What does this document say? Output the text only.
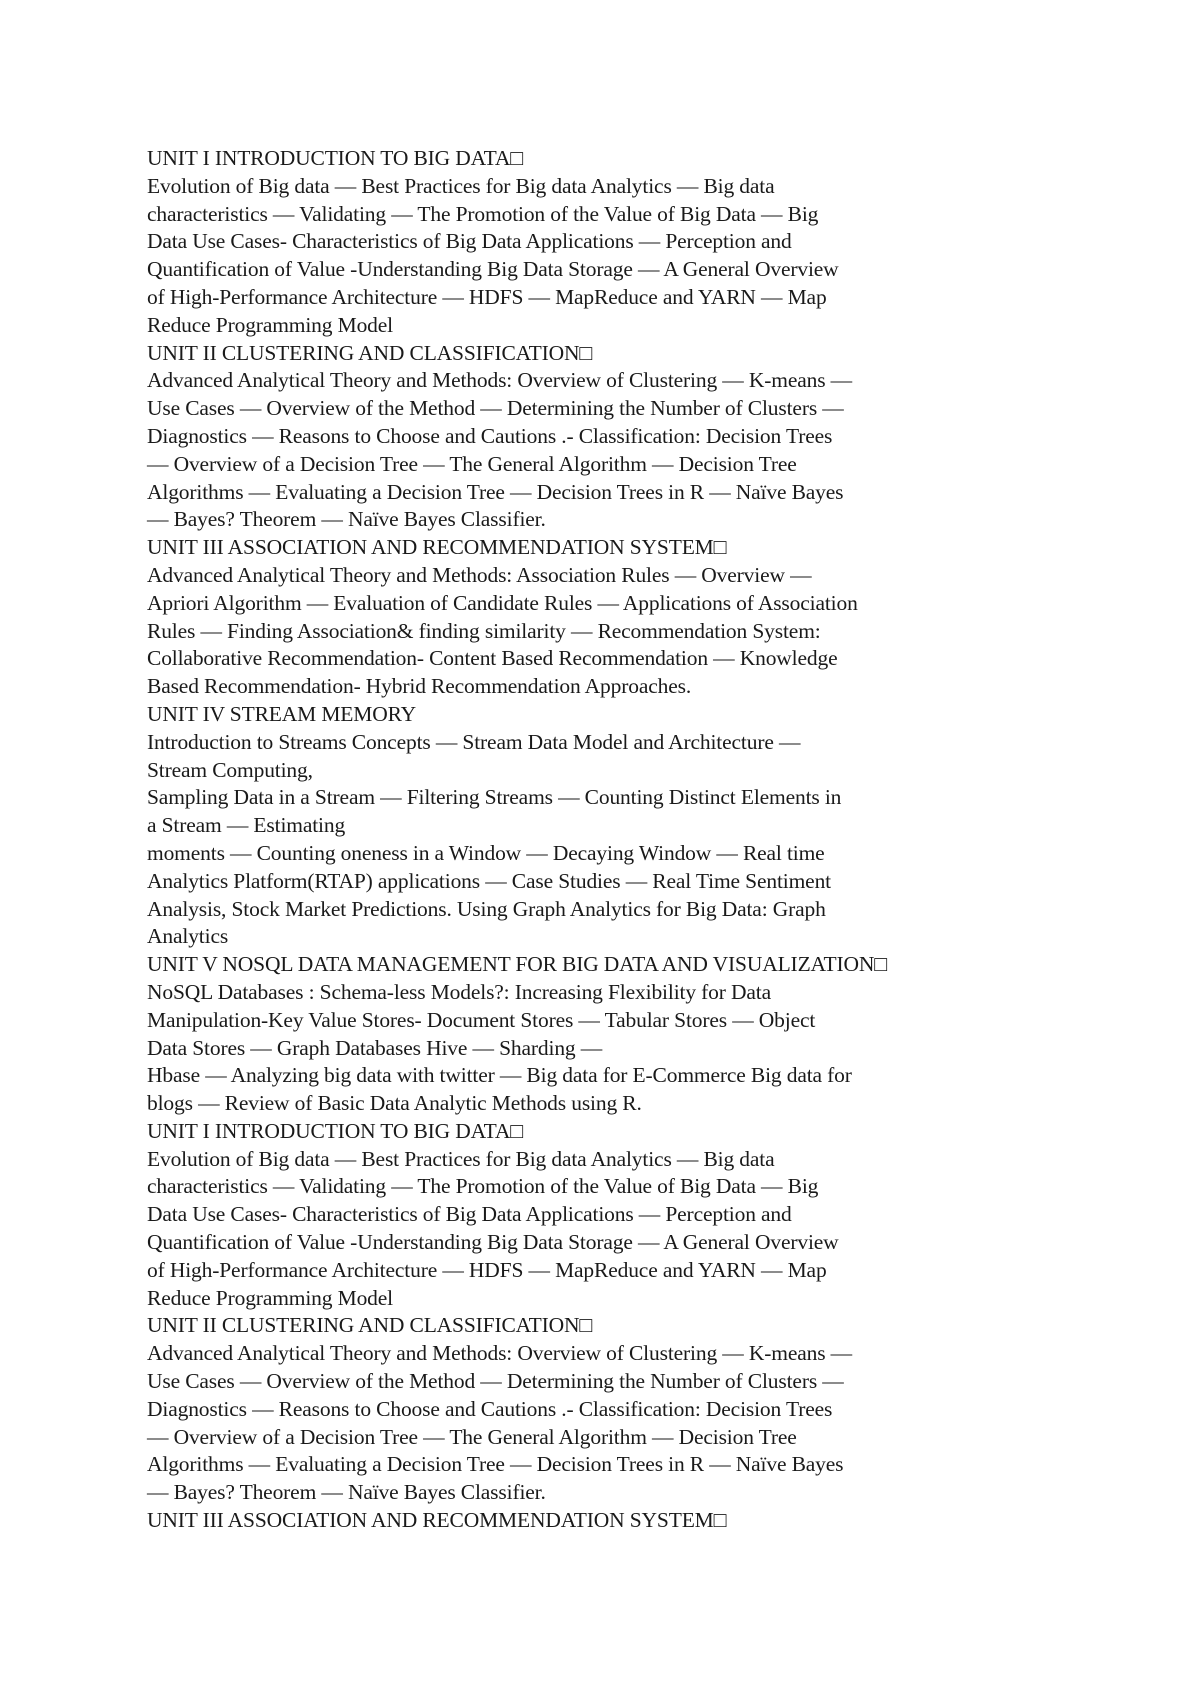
UNIT I INTRODUCTION TO BIG DATA□
Evolution of Big data — Best Practices for Big data Analytics — Big data
characteristics — Validating — The Promotion of the Value of Big Data — Big
Data Use Cases- Characteristics of Big Data Applications — Perception and
Quantification of Value -Understanding Big Data Storage — A General Overview
of High-Performance Architecture — HDFS — MapReduce and YARN — Map
Reduce Programming Model
UNIT II CLUSTERING AND CLASSIFICATION□
Advanced Analytical Theory and Methods: Overview of Clustering — K-means —
Use Cases — Overview of the Method — Determining the Number of Clusters —
Diagnostics — Reasons to Choose and Cautions .- Classification: Decision Trees
— Overview of a Decision Tree — The General Algorithm — Decision Tree
Algorithms — Evaluating a Decision Tree — Decision Trees in R — Naïve Bayes
— Bayes? Theorem — Naïve Bayes Classifier.
UNIT III ASSOCIATION AND RECOMMENDATION SYSTEM□
Advanced Analytical Theory and Methods: Association Rules — Overview —
Apriori Algorithm — Evaluation of Candidate Rules — Applications of Association
Rules — Finding Association& finding similarity — Recommendation System:
Collaborative Recommendation- Content Based Recommendation — Knowledge
Based Recommendation- Hybrid Recommendation Approaches.
UNIT IV STREAM MEMORY
Introduction to Streams Concepts — Stream Data Model and Architecture —
Stream Computing,
Sampling Data in a Stream — Filtering Streams — Counting Distinct Elements in
a Stream — Estimating
moments — Counting oneness in a Window — Decaying Window — Real time
Analytics Platform(RTAP) applications — Case Studies — Real Time Sentiment
Analysis, Stock Market Predictions. Using Graph Analytics for Big Data: Graph
Analytics
UNIT V NOSQL DATA MANAGEMENT FOR BIG DATA AND VISUALIZATION□
NoSQL Databases : Schema-less Models?: Increasing Flexibility for Data
Manipulation-Key Value Stores- Document Stores — Tabular Stores — Object
Data Stores — Graph Databases Hive — Sharding —
Hbase — Analyzing big data with twitter — Big data for E-Commerce Big data for
blogs — Review of Basic Data Analytic Methods using R.
UNIT I INTRODUCTION TO BIG DATA□
Evolution of Big data — Best Practices for Big data Analytics — Big data
characteristics — Validating — The Promotion of the Value of Big Data — Big
Data Use Cases- Characteristics of Big Data Applications — Perception and
Quantification of Value -Understanding Big Data Storage — A General Overview
of High-Performance Architecture — HDFS — MapReduce and YARN — Map
Reduce Programming Model
UNIT II CLUSTERING AND CLASSIFICATION□
Advanced Analytical Theory and Methods: Overview of Clustering — K-means —
Use Cases — Overview of the Method — Determining the Number of Clusters —
Diagnostics — Reasons to Choose and Cautions .- Classification: Decision Trees
— Overview of a Decision Tree — The General Algorithm — Decision Tree
Algorithms — Evaluating a Decision Tree — Decision Trees in R — Naïve Bayes
— Bayes? Theorem — Naïve Bayes Classifier.
UNIT III ASSOCIATION AND RECOMMENDATION SYSTEM□
